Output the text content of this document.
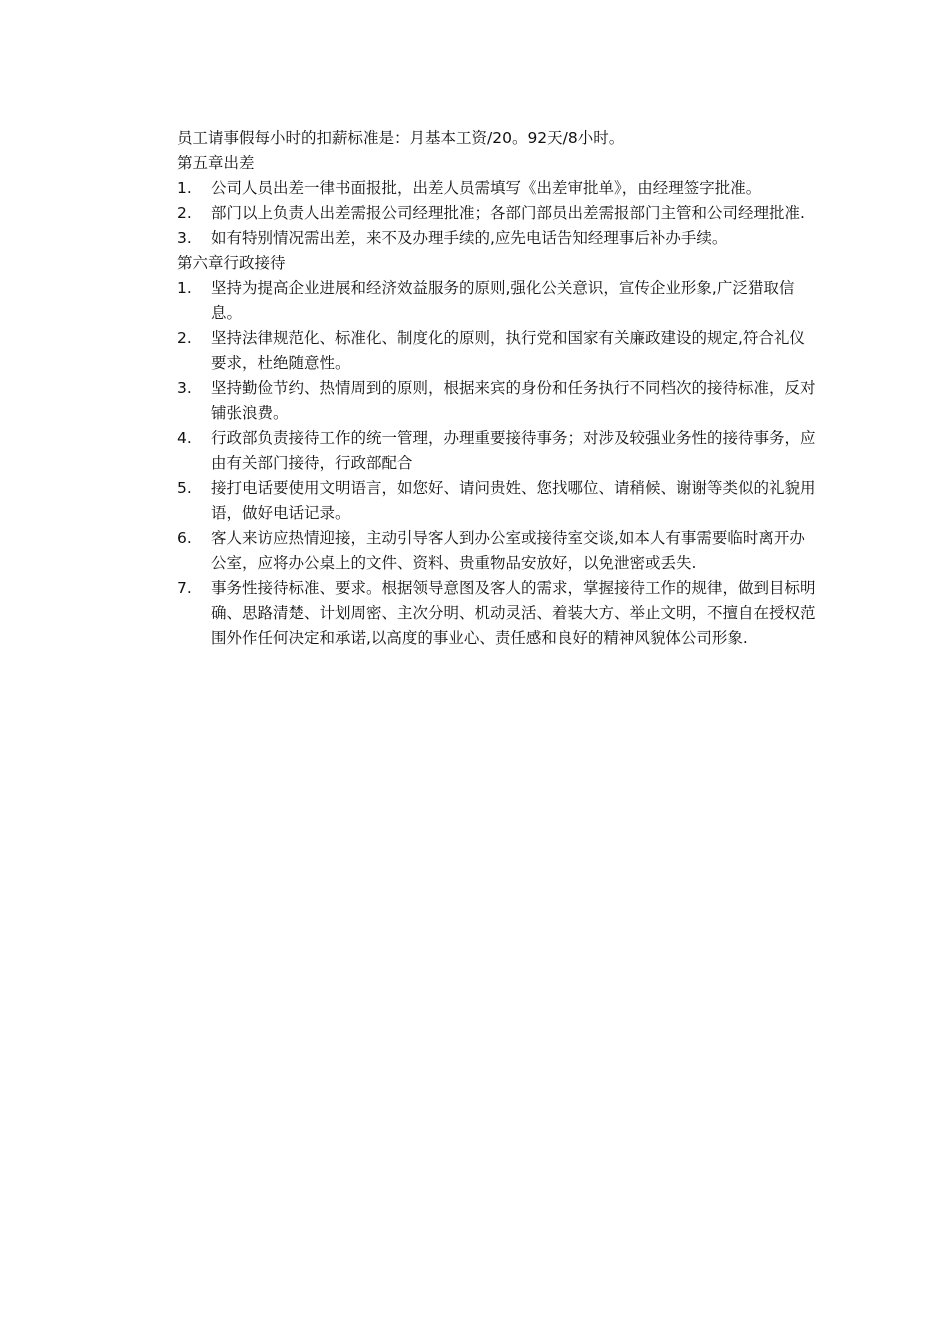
员工请事假每小时的扣薪标准是：月基本工资/20。92天/8小时。

第五章出差

1.	公司人员出差一律书面报批，出差人员需填写《出差审批单》，由经理签字批准。
2.	部门以上负责人出差需报公司经理批准；各部门部员出差需报部门主管和公司经理批准.
3.	如有特别情况需出差，来不及办理手续的,应先电话告知经理事后补办手续。

第六章行政接待

1.	坚持为提高企业进展和经济效益服务的原则,强化公关意识，宣传企业形象,广泛猎取信息。
2.	坚持法律规范化、标准化、制度化的原则，执行党和国家有关廉政建设的规定,符合礼仪要求，杜绝随意性。
3.	坚持勤俭节约、热情周到的原则，根据来宾的身份和任务执行不同档次的接待标准，反对铺张浪费。
4.	行政部负责接待工作的统一管理，办理重要接待事务；对涉及较强业务性的接待事务，应由有关部门接待，行政部配合
5.	接打电话要使用文明语言，如您好、请问贵姓、您找哪位、请稍候、谢谢等类似的礼貌用语，做好电话记录。
6.	客人来访应热情迎接，主动引导客人到办公室或接待室交谈,如本人有事需要临时离开办公室，应将办公桌上的文件、资料、贵重物品安放好，以免泄密或丢失.
7.	事务性接待标准、要求。根据领导意图及客人的需求，掌握接待工作的规律，做到目标明确、思路清楚、计划周密、主次分明、机动灵活、着装大方、举止文明，不擅自在授权范围外作任何决定和承诺,以高度的事业心、责任感和良好的精神风貌体公司形象.
